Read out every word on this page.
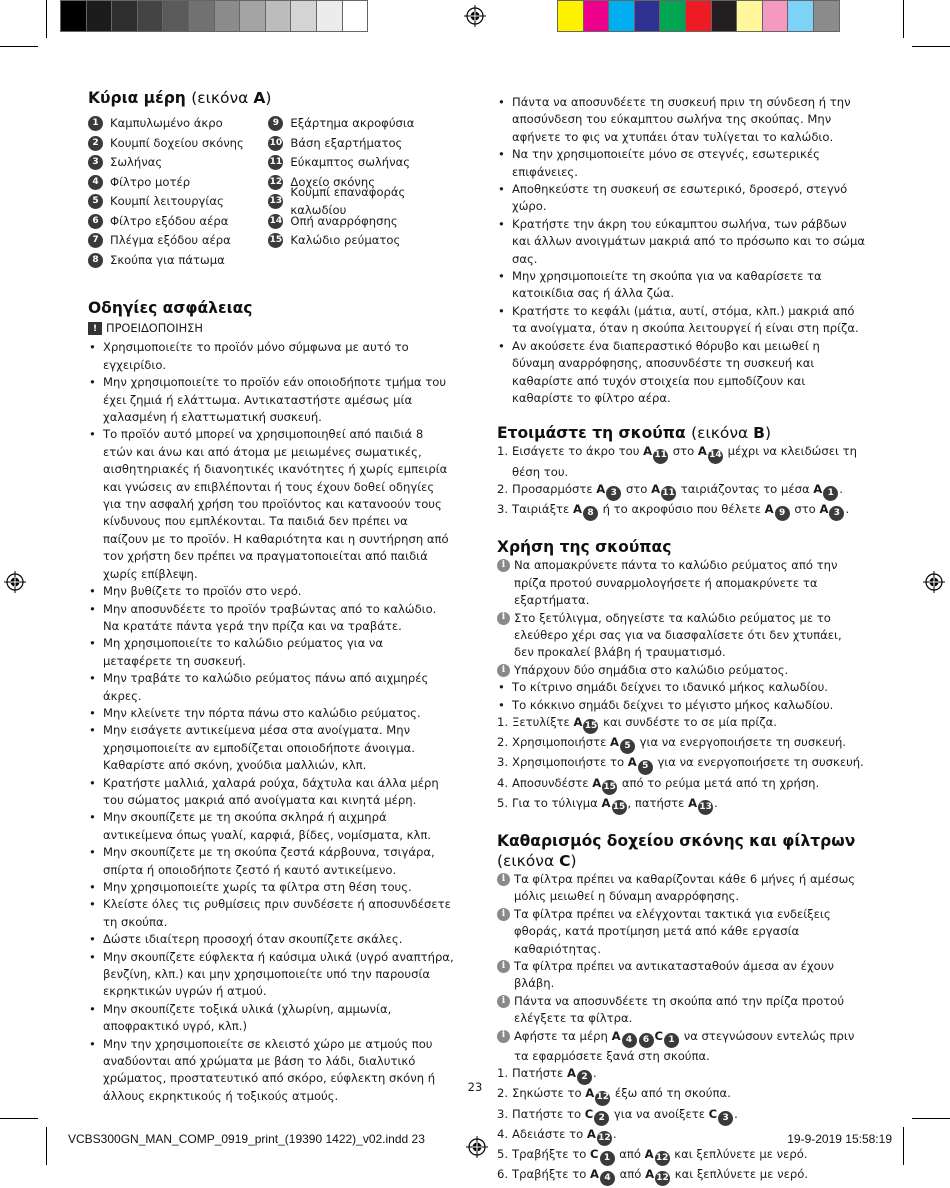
Κύρια μέρη (εικόνα A)
1 Καμπυλωμένο άκρο
2 Κουμπί δοχείου σκόνης
3 Σωλήνας
4 Φίλτρο μοτέρ
5 Κουμπί λειτουργίας
6 Φίλτρο εξόδου αέρα
7 Πλέγμα εξόδου αέρα
8 Σκούπα για πάτωμα
9 Εξάρτημα ακροφύσια
10 Βάση εξαρτήματος
11 Εύκαμπτος σωλήνας
12 Δοχείο σκόνης
13
Κουμπί επαναφοράς καλωδίου
14 Οπή αναρρόφησης
15 Καλώδιο ρεύματος
Οδηγίες ασφάλειας
! ΠΡΟΕΙΔΟΠΟΙΗΣΗ
• Χρησιμοποιείτε το προϊόν μόνο σύμφωνα με αυτό το εγχειρίδιο.
• Μην χρησιμοποιείτε το προϊόν εάν οποιοδήποτε τμήμα του έχει ζημιά ή ελάττωμα. Αντικαταστήστε αμέσως μία χαλασμένη ή ελαττωματική συσκευή.
• Το προϊόν αυτό μπορεί να χρησιμοποιηθεί από παιδιά 8 ετών και άνω και από άτομα με μειωμένες σωματικές, αισθητηριακές ή διανοητικές ικανότητες ή χωρίς εμπειρία και γνώσεις αν επιβλέπονται ή τους έχουν δοθεί οδηγίες για την ασφαλή χρήση του προϊόντος και κατανοούν τους κίνδυνους που εμπλέκονται. Τα παιδιά δεν πρέπει να παίζουν με το προϊόν. Η καθαριότητα και η συντήρηση από τον χρήστη δεν πρέπει να πραγματοποιείται από παιδιά χωρίς επίβλεψη.
• Μην βυθίζετε το προϊόν στο νερό.
• Μην αποσυνδέετε το προϊόν τραβώντας από το καλώδιο. Να κρατάτε πάντα γερά την πρίζα και να τραβάτε.
• Μη χρησιμοποιείτε το καλώδιο ρεύματος για να μεταφέρετε τη συσκευή.
• Μην τραβάτε το καλώδιο ρεύματος πάνω από αιχμηρές άκρες.
• Μην κλείνετε την πόρτα πάνω στο καλώδιο ρεύματος.
• Μην εισάγετε αντικείμενα μέσα στα ανοίγματα. Μην χρησιμοποιείτε αν εμποδίζεται οποιοδήποτε άνοιγμα. Καθαρίστε από σκόνη, χνούδια μαλλιών, κλπ.
• Κρατήστε μαλλιά, χαλαρά ρούχα, δάχτυλα και άλλα μέρη του σώματος μακριά από ανοίγματα και κινητά μέρη.
• Μην σκουπίζετε με τη σκούπα σκληρά ή αιχμηρά αντικείμενα όπως γυαλί, καρφιά, βίδες, νομίσματα, κλπ.
• Μην σκουπίζετε με τη σκούπα ζεστά κάρβουνα, τσιγάρα, σπίρτα ή οποιοδήποτε ζεστό ή καυτό αντικείμενο.
• Μην χρησιμοποιείτε χωρίς τα φίλτρα στη θέση τους.
• Κλείστε όλες τις ρυθμίσεις πριν συνδέσετε ή αποσυνδέσετε τη σκούπα.
• Δώστε ιδιαίτερη προσοχή όταν σκουπίζετε σκάλες.
• Μην σκουπίζετε εύφλεκτα ή καύσιμα υλικά (υγρό αναπτήρα, βενζίνη, κλπ.) και μην χρησιμοποιείτε υπό την παρουσία εκρηκτικών υγρών ή ατμού.
• Μην σκουπίζετε τοξικά υλικά (χλωρίνη, αμμωνία, αποφρακτικό υγρό, κλπ.)
• Μην την χρησιμοποιείτε σε κλειστό χώρο με ατμούς που αναδύονται από χρώματα με βάση το λάδι, διαλυτικό χρώματος, προστατευτικό από σκόρο, εύφλεκτη σκόνη ή άλλους εκρηκτικούς ή τοξικούς ατμούς.
• Πάντα να αποσυνδέετε τη συσκευή πριν τη σύνδεση ή την αποσύνδεση του εύκαμπτου σωλήνα της σκούπας. Μην αφήνετε το φις να χτυπάει όταν τυλίγεται το καλώδιο.
• Να την χρησιμοποιείτε μόνο σε στεγνές, εσωτερικές επιφάνειες.
• Αποθηκεύστε τη συσκευή σε εσωτερικό, δροσερό, στεγνό χώρο.
• Κρατήστε την άκρη του εύκαμπτου σωλήνα, των ράβδων και άλλων ανοιγμάτων μακριά από το πρόσωπο και το σώμα σας.
• Μην χρησιμοποιείτε τη σκούπα για να καθαρίσετε τα κατοικίδια σας ή άλλα ζώα.
• Κρατήστε το κεφάλι (μάτια, αυτί, στόμα, κλπ.) μακριά από τα ανοίγματα, όταν η σκούπα λειτουργεί ή είναι στη πρίζα.
• Αν ακούσετε ένα διαπεραστικό θόρυβο και μειωθεί η δύναμη αναρρόφησης, αποσυνδέστε τη συσκευή και καθαρίστε από τυχόν στοιχεία που εμποδίζουν και καθαρίστε το φίλτρο αέρα.
Ετοιμάστε τη σκούπα (εικόνα B)
1. Εισάγετε το άκρο του A 11 στο A 14 μέχρι να κλειδώσει τη θέση του.
2. Προσαρμόστε A 3 στο A 11 ταιριάζοντας το μέσα A 1 .
3. Ταιριάξτε A 8 ή το ακροφύσιο που θέλετε A 9 στο A 3 .
Χρήση της σκούπας
i Να απομακρύνετε πάντα το καλώδιο ρεύματος από την πρίζα προτού συναρμολογήσετε ή απομακρύνετε τα εξαρτήματα.
i Στο ξετύλιγμα, οδηγείστε τα καλώδιο ρεύματος με το ελεύθερο χέρι σας για να διασφαλίσετε ότι δεν χτυπάει, δεν προκαλεί βλάβη ή τραυματισμό.
i Υπάρχουν δύο σημάδια στο καλώδιο ρεύματος.
• Το κίτρινο σημάδι δείχνει το ιδανικό μήκος καλωδίου.
• Το κόκκινο σημάδι δείχνει το μέγιστο μήκος καλωδίου.
1. Ξετυλίξτε A 15 και συνδέστε το σε μία πρίζα.
2. Χρησιμοποιήστε A 5 για να ενεργοποιήσετε τη συσκευή.
3. Χρησιμοποιήστε το A 5 για να ενεργοποιήσετε τη συσκευή.
4. Αποσυνδέστε A 15 από το ρεύμα μετά από τη χρήση.
5. Για το τύλιγμα A 15 , πατήστε A 13 .
Καθαρισμός δοχείου σκόνης και φίλτρων
(εικόνα C)
i Τα φίλτρα πρέπει να καθαρίζονται κάθε 6 μήνες ή αμέσως μόλις μειωθεί η δύναμη αναρρόφησης.
i Τα φίλτρα πρέπει να ελέγχονται τακτικά για ενδείξεις φθοράς, κατά προτίμηση μετά από κάθε εργασία καθαριότητας.
i Τα φίλτρα πρέπει να αντικατασταθούν άμεσα αν έχουν βλάβη.
i Πάντα να αποσυνδέετε τη σκούπα από την πρίζα προτού ελέγξετε τα φίλτρα.
i Αφήστε τα μέρη A 4 6 C 1 να στεγνώσουν εντελώς πριν τα εφαρμόσετε ξανά στη σκούπα.
1. Πατήστε A 2 .
2. Σηκώστε το A 12 έξω από τη σκούπα.
3. Πατήστε το C 2 για να ανοίξετε C 3 .
4. Αδειάστε το A 12 .
5. Τραβήξτε το C 1 από A 12 και ξεπλύνετε με νερό.
6. Τραβήξτε το A 4 από A 12 και ξεπλύνετε με νερό.
23
VCBS300GN_MAN_COMP_0919_print_(19390 1422)_v02.indd 23	19-9-2019 15:58:19
